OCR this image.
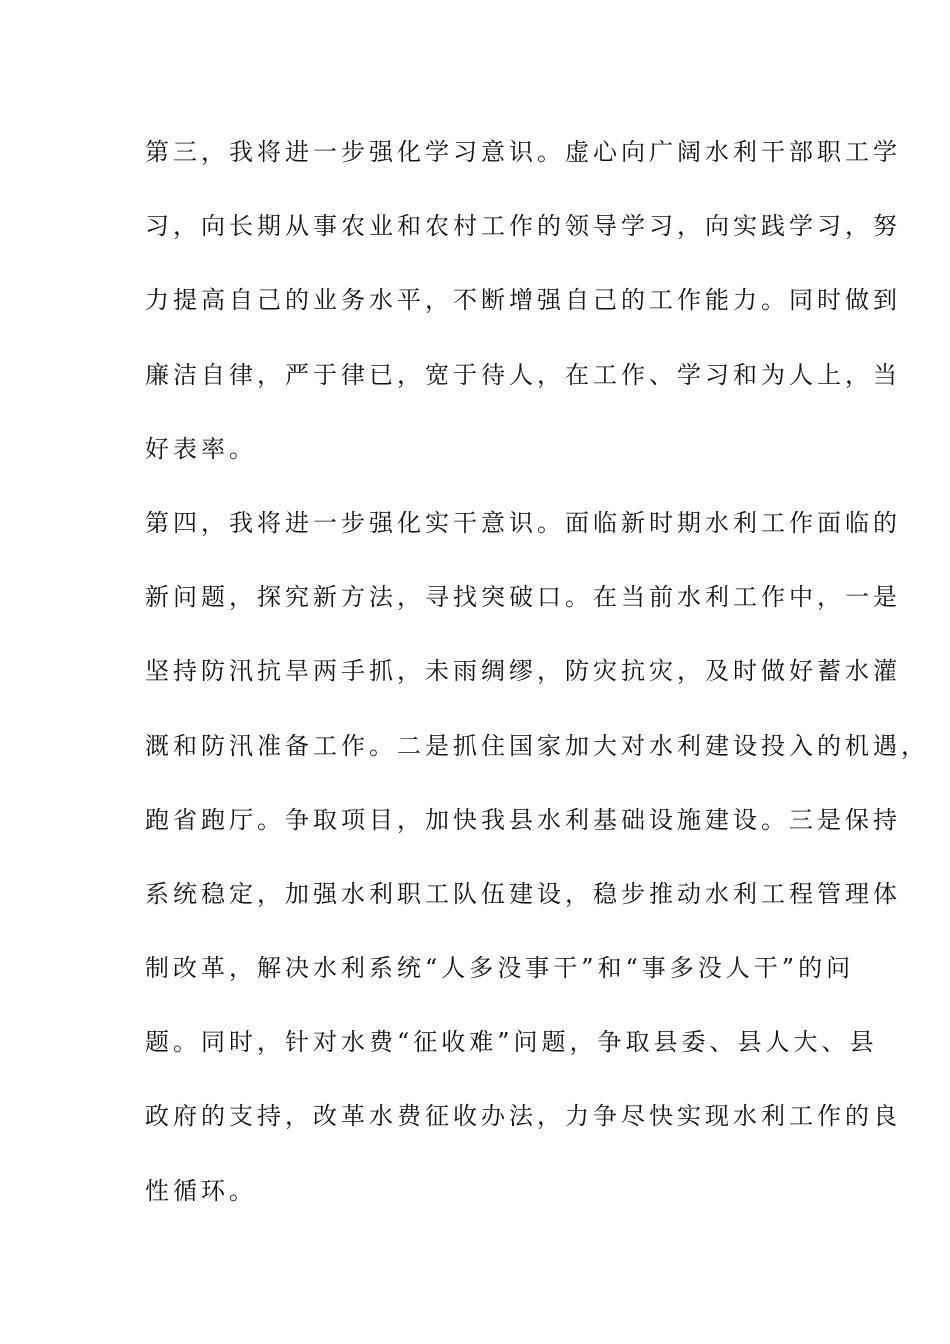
第三，我将进一步强化学习意识。虚心向广阔水利干部职工学
习，向长期从事农业和农村工作的领导学习，向实践学习，努
力提高自己的业务水平，不断增强自己的工作能力。同时做到
廉洁自律，严于律已，宽于待人，在工作、学习和为人上，当
好表率。
第四，我将进一步强化实干意识。面临新时期水利工作面临的
新问题，探究新方法，寻找突破口。在当前水利工作中，一是
坚持防汛抗旱两手抓，未雨绸缪，防灾抗灾，及时做好蓄水灌
溉和防汛准备工作。二是抓住国家加大对水利建设投入的机遇，
跑省跑厅。争取项目，加快我县水利基础设施建设。三是保持
系统稳定，加强水利职工队伍建设，稳步推动水利工程管理体
制改革，解决水利系统“人多没事干”和“事多没人干”的问
题。同时，针对水费“征收难”问题，争取县委、县人大、县
政府的支持，改革水费征收办法，力争尽快实现水利工作的良
性循环。
